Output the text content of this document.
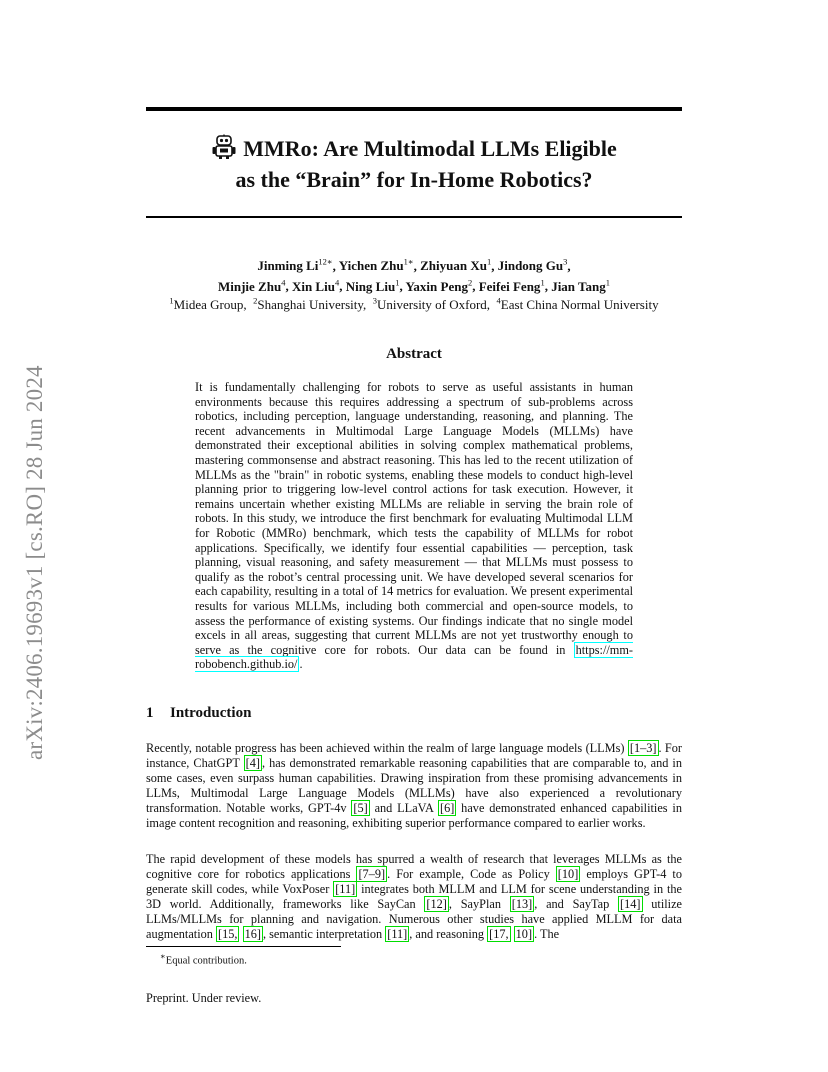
arXiv:2406.19693v1 [cs.RO] 28 Jun 2024
MMRo: Are Multimodal LLMs Eligible
as the “Brain” for In-Home Robotics?
Jinming $Li^{12∗}$, Yichen Zhu$^{1∗}$, Zhiyuan Xu$^1$, Jindong Gu$^3$,
Minjie Zhu$^4$, Xin Liu$^4$, Ning Liu$^1$, Yaxin Peng$^2$, Feifei Feng$^1$, Jian Tang$^1$
$^1$Midea Group, $^2$Shanghai University, $^3$University of Oxford, $^4$East China Normal University
Abstract
It is fundamentally challenging for robots to serve as useful assistants in human environments because this requires addressing a spectrum of sub-problems across robotics, including perception, language understanding, reasoning, and planning. The recent advancements in Multimodal Large Language Models (MLLMs) have demonstrated their exceptional abilities in solving complex mathematical problems, mastering commonsense and abstract reasoning. This has led to the recent utilization of MLLMs as the "brain" in robotic systems, enabling these models to conduct high-level planning prior to triggering low-level control actions for task execution. However, it remains uncertain whether existing MLLMs are reliable in serving the brain role of robots. In this study, we introduce the first benchmark for evaluating Multimodal LLM for Robotic (MMRo) benchmark, which tests the capability of MLLMs for robot applications. Specifically, we identify four essential capabilities — perception, task planning, visual reasoning, and safety measurement — that MLLMs must possess to qualify as the robot’s central processing unit. We have developed several scenarios for each capability, resulting in a total of 14 metrics for evaluation. We present experimental results for various MLLMs, including both commercial and open-source models, to assess the performance of existing systems. Our findings indicate that no single model excels in all areas, suggesting that current MLLMs are not yet trustworthy enough to serve as the cognitive core for robots. Our data can be found in https://mm-robobench.github.io/ .
1 Introduction
Recently, notable progress has been achieved within the realm of large language models (LLMs) [1–3] . For instance, ChatGPT [4] , has demonstrated remarkable reasoning capabilities that are comparable to, and in some cases, even surpass human capabilities. Drawing inspiration from these promising advancements in LLMs, Multimodal Large Language Models (MLLMs) have also experienced a revolutionary transformation. Notable works, GPT-4v [5] and LLaVA [6] have demonstrated enhanced capabilities in image content recognition and reasoning, exhibiting superior performance compared to earlier works.
The rapid development of these models has spurred a wealth of research that leverages MLLMs as the cognitive core for robotics applications [7–9] . For example, Code as Policy [10] employs GPT-4 to generate skill codes, while VoxPoser [11] integrates both MLLM and LLM for scene understanding in the 3D world. Additionally, frameworks like SayCan [12] , SayPlan [13] , and SayTap [14] utilize LLMs/MLLMs for planning and navigation. Numerous other studies have applied MLLM for data augmentation [15, 16] , semantic interpretation [11] , and reasoning [17, 10] . The
∗Equal contribution.
Preprint. Under review.
